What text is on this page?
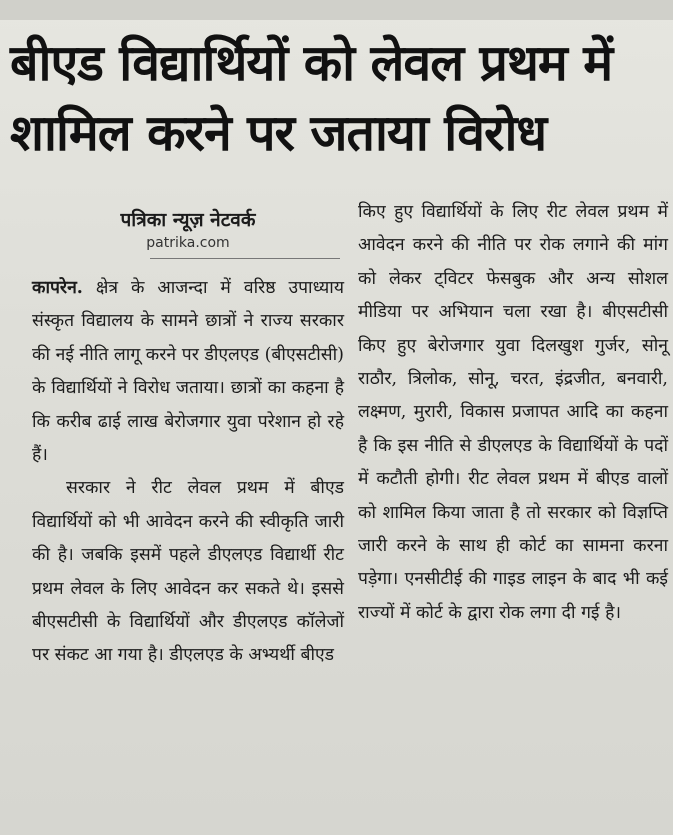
बीएड विद्यार्थियों को लेवल प्रथम में शामिल करने पर जताया विरोध
पत्रिका न्यूज़ नेटवर्क
patrika.com

कापरेन. क्षेत्र के आजन्दा में वरिष्ठ उपाध्याय संस्कृत विद्यालय के सामने छात्रों ने राज्य सरकार की नई नीति लागू करने पर डीएलएड (बीएसटीसी) के विद्यार्थियों ने विरोध जताया। छात्रों का कहना है कि करीब ढाई लाख बेरोजगार युवा परेशान हो रहे हैं।

सरकार ने रीट लेवल प्रथम में बीएड विद्यार्थियों को भी आवेदन करने की स्वीकृति जारी की है। जबकि इसमें पहले डीएलएड विद्यार्थी रीट प्रथम लेवल के लिए आवेदन कर सकते थे। इससे बीएसटीसी के विद्यार्थियों और डीएलएड कॉलेजों पर संकट आ गया है। डीएलएड के अभ्यर्थी बीएड

किए हुए विद्यार्थियों के लिए रीट लेवल प्रथम में आवेदन करने की नीति पर रोक लगाने की मांग को लेकर ट्विटर फेसबुक और अन्य सोशल मीडिया पर अभियान चला रखा है। बीएसटीसी किए हुए बेरोजगार युवा दिलखुश गुर्जर, सोनू राठौर, त्रिलोक, सोनू, चरत, इंद्रजीत, बनवारी, लक्ष्मण, मुरारी, विकास प्रजापत आदि का कहना है कि इस नीति से डीएलएड के विद्यार्थियों के पदों में कटौती होगी। रीट लेवल प्रथम में बीएड वालों को शामिल किया जाता है तो सरकार को विज्ञप्ति जारी करने के साथ ही कोर्ट का सामना करना पड़ेगा। एनसीटीई की गाइड लाइन के बाद भी कई राज्यों में कोर्ट के द्वारा रोक लगा दी गई है।
